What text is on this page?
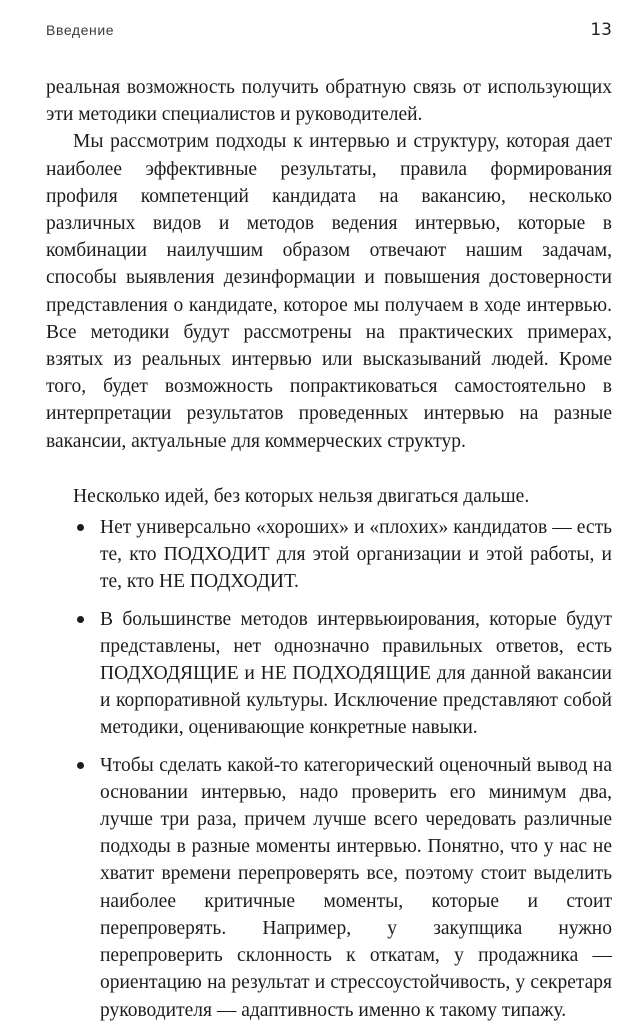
Введение	13

реальная возможность получить обратную связь от использующих эти методики специалистов и руководителей.

Мы рассмотрим подходы к интервью и структуру, которая дает наиболее эффективные результаты, правила формирования профиля компетенций кандидата на вакансию, несколько различных видов и методов ведения интервью, которые в комбинации наилучшим образом отвечают нашим задачам, способы выявления дезинформации и повышения достоверности представления о кандидате, которое мы получаем в ходе интервью. Все методики будут рассмотрены на практических примерах, взятых из реальных интервью или высказываний людей. Кроме того, будет возможность попрактиковаться самостоятельно в интерпретации результатов проведенных интервью на разные вакансии, актуальные для коммерческих структур.

Несколько идей, без которых нельзя двигаться дальше.

Нет универсально «хороших» и «плохих» кандидатов — есть те, кто ПОДХОДИТ для этой организации и этой работы, и те, кто НЕ ПОДХОДИТ.
В большинстве методов интервьюирования, которые будут представлены, нет однозначно правильных ответов, есть ПОДХОДЯЩИЕ и НЕ ПОДХОДЯЩИЕ для данной вакансии и корпоративной культуры. Исключение представляют собой методики, оценивающие конкретные навыки.
Чтобы сделать какой-то категорический оценочный вывод на основании интервью, надо проверить его минимум два, лучше три раза, причем лучше всего чередовать различные подходы в разные моменты интервью. Понятно, что у нас не хватит времени перепроверять все, поэтому стоит выделить наиболее критичные моменты, которые и стоит перепроверять. Например, у закупщика нужно перепроверить склонность к откатам, у продажника — ориентацию на результат и стрессоустойчивость, у секретаря руководителя — адаптивность именно к такому типажу.
